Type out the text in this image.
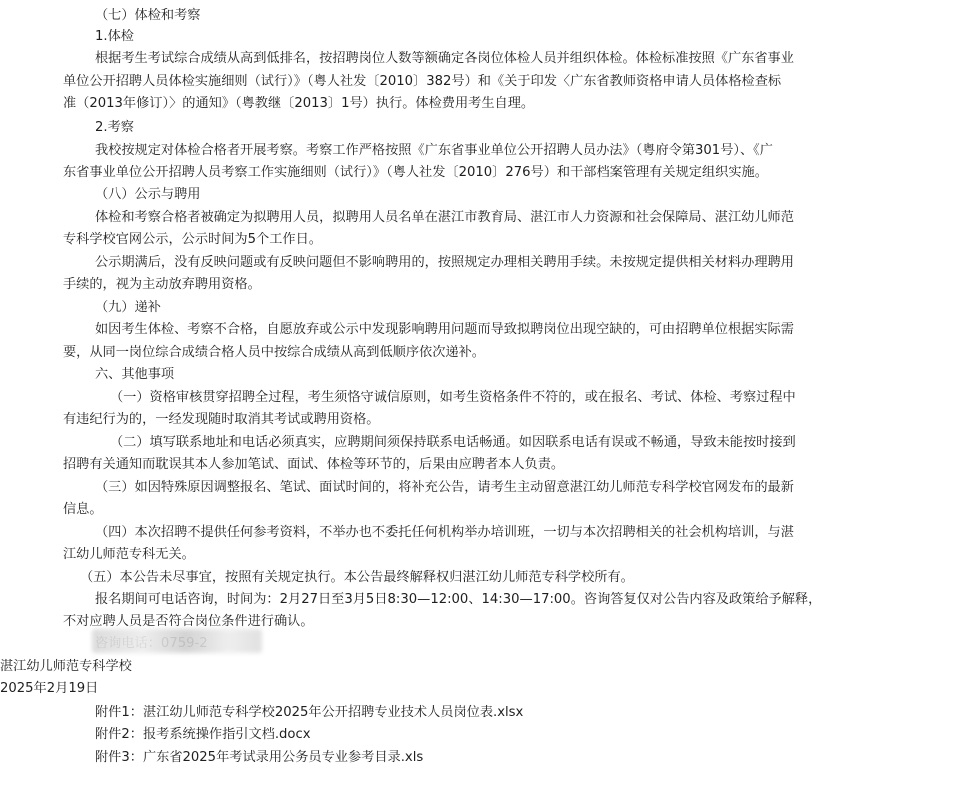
（七）体检和考察

1.体检

根据考生考试综合成绩从高到低排名，按招聘岗位人数等额确定各岗位体检人员并组织体检。体检标准按照《广东省事业

单位公开招聘人员体检实施细则（试行）》（粤人社发〔2010〕382号）和《关于印发〈广东省教师资格申请人员体格检查标

准（2013年修订）〉的通知》（粤教继〔2013〕1号）执行。体检费用考生自理。

2.考察

我校按规定对体检合格者开展考察。考察工作严格按照《广东省事业单位公开招聘人员办法》（粤府令第301号）、《广

东省事业单位公开招聘人员考察工作实施细则（试行）》（粤人社发〔2010〕276号）和干部档案管理有关规定组织实施。

（八）公示与聘用

体检和考察合格者被确定为拟聘用人员，拟聘用人员名单在湛江市教育局、湛江市人力资源和社会保障局、湛江幼儿师范

专科学校官网公示，公示时间为5个工作日。

公示期满后，没有反映问题或有反映问题但不影响聘用的，按照规定办理相关聘用手续。未按规定提供相关材料办理聘用

手续的，视为主动放弃聘用资格。

（九）递补

如因考生体检、考察不合格，自愿放弃或公示中发现影响聘用问题而导致拟聘岗位出现空缺的，可由招聘单位根据实际需

要，从同一岗位综合成绩合格人员中按综合成绩从高到低顺序依次递补。

六、其他事项

（一）资格审核贯穿招聘全过程，考生须恪守诚信原则，如考生资格条件不符的，或在报名、考试、体检、考察过程中

有违纪行为的，一经发现随时取消其考试或聘用资格。

（二）填写联系地址和电话必须真实，应聘期间须保持联系电话畅通。如因联系电话有误或不畅通，导致未能按时接到

招聘有关通知而耽误其本人参加笔试、面试、体检等环节的，后果由应聘者本人负责。

（三）如因特殊原因调整报名、笔试、面试时间的，将补充公告，请考生主动留意湛江幼儿师范专科学校官网发布的最新

信息。

（四）本次招聘不提供任何参考资料，不举办也不委托任何机构举办培训班，一切与本次招聘相关的社会机构培训，与湛

江幼儿师范专科无关。

（五）本公告未尽事宜，按照有关规定执行。本公告最终解释权归湛江幼儿师范专科学校所有。

报名期间可电话咨询，时间为：2月27日至3月5日8:30—12:00、14:30—17:00。咨询答复仅对公告内容及政策给予解释，

不对应聘人员是否符合岗位条件进行确认。

湛江幼儿师范专科学校

2025年2月19日

附件1：湛江幼儿师范专科学校2025年公开招聘专业技术人员岗位表.xlsx

附件2：报考系统操作指引文档.docx

附件3：广东省2025年考试录用公务员专业参考目录.xls
